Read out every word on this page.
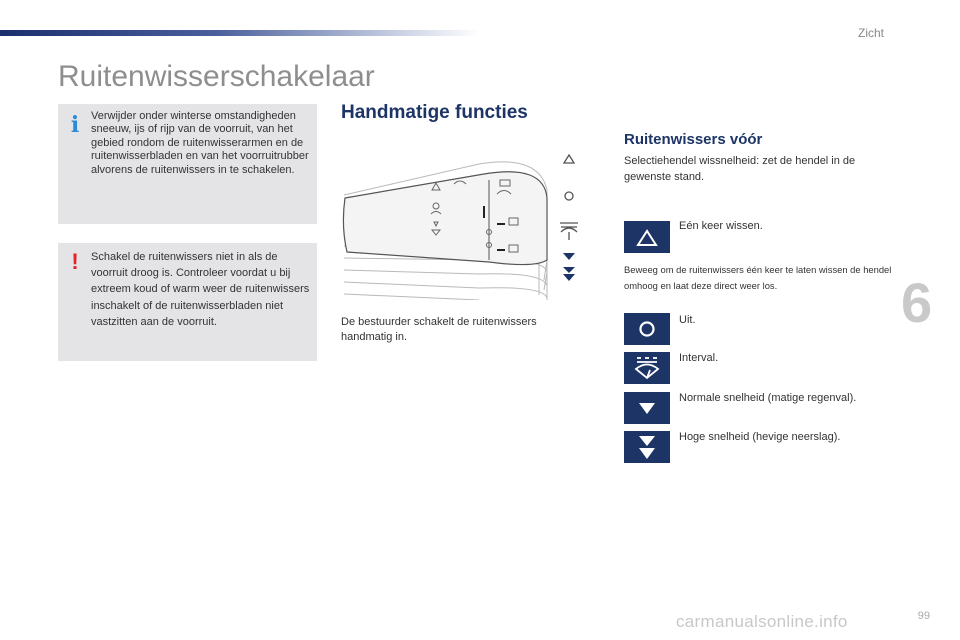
Zicht
Ruitenwisserschakelaar
i Verwijder onder winterse omstandigheden sneeuw, ijs of rijp van de voorruit, van het gebied rondom de ruitenwisserarmen en de ruitenwisserbladen en van het voorruitrubber alvorens de ruitenwissers in te schakelen.
!	Schakel de ruitenwissers niet in als de voorruit droog is. Controleer voordat u bij extreem koud of warm weer de ruitenwissers inschakelt of de ruitenwisserbladen niet vastzitten aan de voorruit.
Handmatige functies
De bestuurder schakelt de ruitenwissers handmatig in.
Ruitenwissers vóór
Selectiehendel wissnelheid: zet de hendel in de gewenste stand.
Eén keer wissen.
Beweeg om de ruitenwissers één keer te laten wissen de hendel omhoog en laat deze direct weer los.
Uit.
Interval.
Normale snelheid (matige regenval).
Hoge snelheid (hevige neerslag).
6
carmanualsonline.info	99
